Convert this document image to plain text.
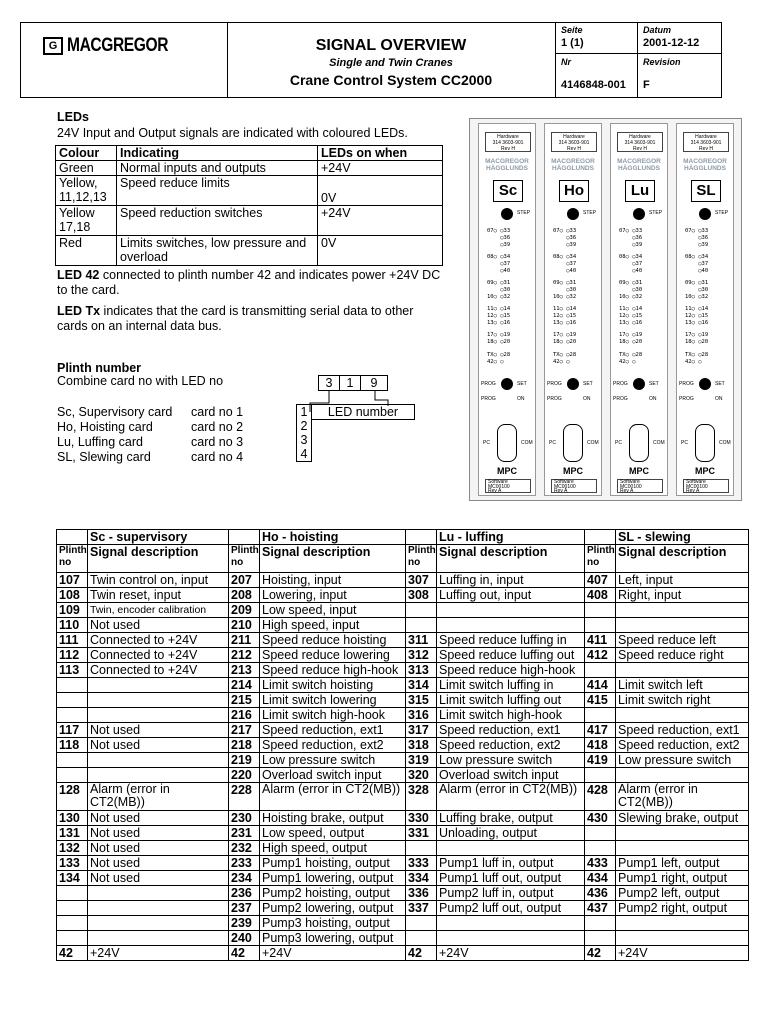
G MACGREGOR	SIGNAL OVERVIEW
Single and Twin Cranes
Crane Control System CC2000
Seite
1 (1)
Datum
2001-12-12
Nr
4146848-001
Revision
F
LEDs
24V Input and Output signals are indicated with coloured LEDs.
Colour	Indicating	LEDs on when
Green	Normal inputs and outputs	+24V
Yellow, 11,12,13	Speed reduce limits	0V
Yellow 17,18	Speed reduction switches	+24V
Red	Limits switches, low pressure and overload	0V
LED 42 connected to plinth number 42 and indicates power +24V DC to the card.
LED Tx indicates that the card is transmitting serial data to other cards on an internal data bus.
Plinth number
Combine card no with LED no
Sc, Supervisory card	card no 1
Ho, Hoisting card	card no 2
Lu, Luffing card	card no 3
SL, Slewing card	card no 4
3	1	9
1
2
3
4
LED number
Hardware
314 3603-901
Rev H
MACGREGOR
HÄGGLUNDS
Sc
STEP
07○ ○33
○36
○39
08○ ○34
○37
○40
09○ ○31
○30
10○ ○32
11○ ○14
12○ ○15
13○ ○16
17○ ○19
18○ ○20

TX○ ○28
42○ ○

PROG	SET
PROG	ON
PC	COM
MPC
Software
MC00100
Rev A
Hardware
314 3603-901
Rev H
MACGREGOR
HÄGGLUNDS
Ho
STEP
07○ ○33
○36
○39
08○ ○34
○37
○40
09○ ○31
○30
10○ ○32
11○ ○14
12○ ○15
13○ ○16
17○ ○19
18○ ○20

TX○ ○28
42○ ○

PROG	SET
PROG	ON
PC	COM
MPC
Software
MC00100
Rev A
Hardware
314 3603-901
Rev H
MACGREGOR
HÄGGLUNDS
Lu
STEP
07○ ○33
○36
○39
08○ ○34
○37
○40
09○ ○31
○30
10○ ○32
11○ ○14
12○ ○15
13○ ○16
17○ ○19
18○ ○20

TX○ ○28
42○ ○

PROG	SET
PROG	ON
PC	COM
MPC
Software
MC00100
Rev A
Hardware
314 3603-901
Rev H
MACGREGOR
HÄGGLUNDS
SL
STEP
07○ ○33
○36
○39
08○ ○34
○37
○40
09○ ○31
○30
10○ ○32
11○ ○14
12○ ○15
13○ ○16
17○ ○19
18○ ○20

TX○ ○28
42○ ○

PROG	SET
PROG	ON
PC	COM
MPC
Software
MC00100
Rev A
	Sc - supervisory		Ho - hoisting		Lu - luffing		SL - slewing
Plinth no	Signal description	Plinth no	Signal description	Plinth no	Signal description	Plinth no	Signal description
107	Twin control on, input	207	Hoisting, input	307	Luffing in, input	407	Left, input
108	Twin reset, input	208	Lowering, input	308	Luffing out, input	408	Right, input
109	Twin, encoder calibration	209	Low speed, input				
110	Not used	210	High speed, input				
111	Connected to +24V	211	Speed reduce hoisting	311	Speed reduce luffing in	411	Speed reduce left
112	Connected to +24V	212	Speed reduce lowering	312	Speed reduce luffing out	412	Speed reduce right
113	Connected to +24V	213	Speed reduce high-hook	313	Speed reduce high-hook		
		214	Limit switch hoisting	314	Limit switch luffing in	414	Limit switch left
		215	Limit switch lowering	315	Limit switch luffing out	415	Limit switch right
		216	Limit switch high-hook	316	Limit switch high-hook		
117	Not used	217	Speed reduction, ext1	317	Speed reduction, ext1	417	Speed reduction, ext1
118	Not used	218	Speed reduction, ext2	318	Speed reduction, ext2	418	Speed reduction, ext2
		219	Low pressure switch	319	Low pressure switch	419	Low pressure switch
		220	Overload switch input	320	Overload switch input		
128	Alarm (error in CT2(MB))	228	Alarm (error in CT2(MB))	328	Alarm (error in CT2(MB))	428	Alarm (error in CT2(MB))
130	Not used	230	Hoisting brake, output	330	Luffing brake, output	430	Slewing brake, output
131	Not used	231	Low speed, output	331	Unloading, output		
132	Not used	232	High speed, output				
133	Not used	233	Pump1 hoisting, output	333	Pump1 luff in, output	433	Pump1 left, output
134	Not used	234	Pump1 lowering, output	334	Pump1 luff out, output	434	Pump1 right, output
		236	Pump2 hoisting, output	336	Pump2 luff in, output	436	Pump2 left, output
		237	Pump2 lowering, output	337	Pump2 luff out, output	437	Pump2 right, output
		239	Pump3 hoisting, output				
		240	Pump3 lowering, output				
42	+24V	42	+24V	42	+24V	42	+24V
